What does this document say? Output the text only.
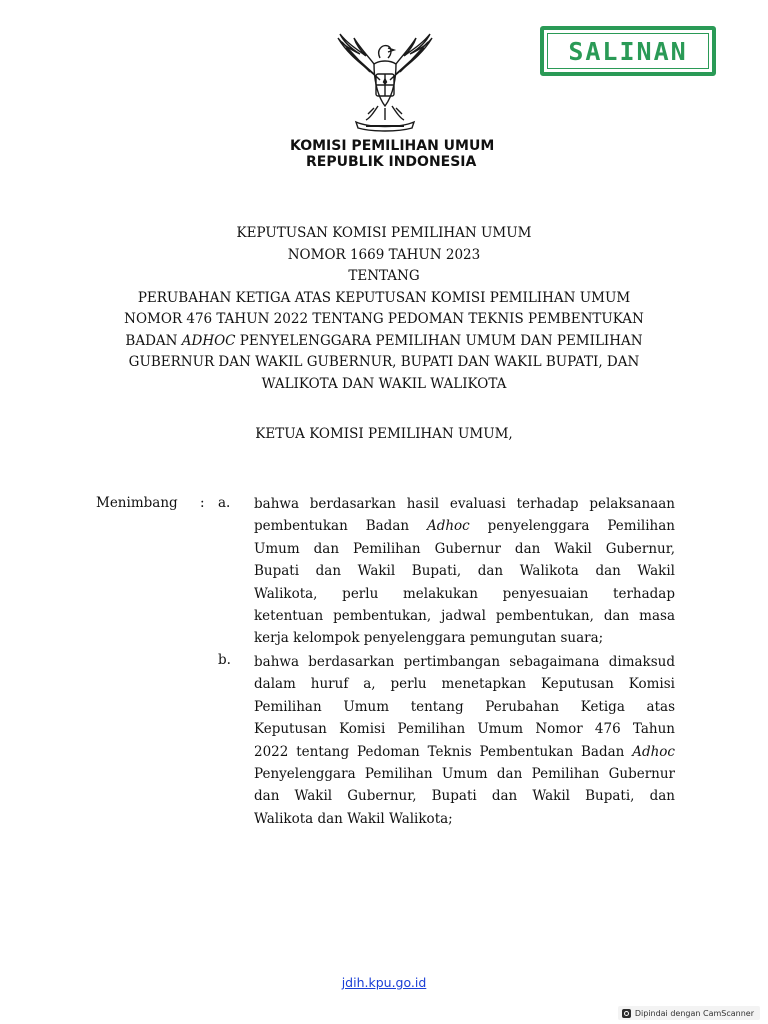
SALINAN
KOMISI PEMILIHAN UMUM
REPUBLIK INDONESIA
KEPUTUSAN KOMISI PEMILIHAN UMUM
NOMOR 1669 TAHUN 2023
TENTANG
PERUBAHAN KETIGA ATAS KEPUTUSAN KOMISI PEMILIHAN UMUM
NOMOR 476 TAHUN 2022 TENTANG PEDOMAN TEKNIS PEMBENTUKAN
BADAN ADHOC PENYELENGGARA PEMILIHAN UMUM DAN PEMILIHAN
GUBERNUR DAN WAKIL GUBERNUR, BUPATI DAN WAKIL BUPATI, DAN
WALIKOTA DAN WAKIL WALIKOTA
KETUA KOMISI PEMILIHAN UMUM,
Menimbang : a. bahwa berdasarkan hasil evaluasi terhadap pelaksanaan
pembentukan Badan Adhoc penyelenggara Pemilihan
Umum dan Pemilihan Gubernur dan Wakil Gubernur,
Bupati dan Wakil Bupati, dan Walikota dan Wakil
Walikota, perlu melakukan penyesuaian terhadap
ketentuan pembentukan, jadwal pembentukan, dan masa
kerja kelompok penyelenggara pemungutan suara;
b. bahwa berdasarkan pertimbangan sebagaimana dimaksud
dalam huruf a, perlu menetapkan Keputusan Komisi
Pemilihan Umum tentang Perubahan Ketiga atas
Keputusan Komisi Pemilihan Umum Nomor 476 Tahun
2022 tentang Pedoman Teknis Pembentukan Badan Adhoc
Penyelenggara Pemilihan Umum dan Pemilihan Gubernur
dan Wakil Gubernur, Bupati dan Wakil Bupati, dan
Walikota dan Wakil Walikota;
jdih.kpu.go.id
Dipindai dengan CamScanner
